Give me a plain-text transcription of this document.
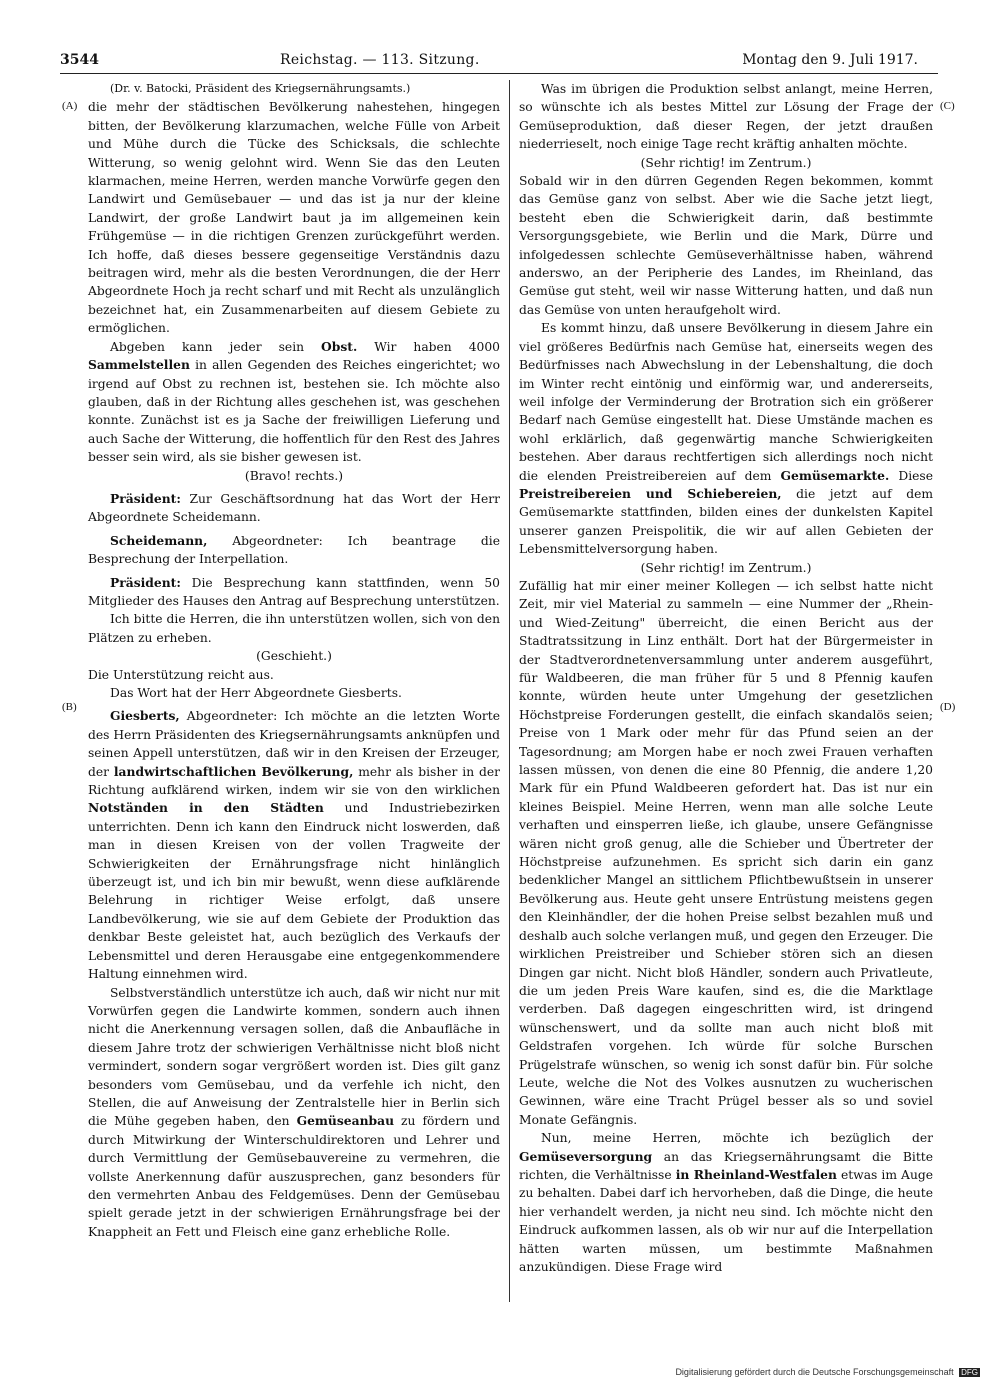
3544	Reichstag. — 113. Sitzung.	Montag den 9. Juli 1917.
(A)
(B)
(C)
(D)

(Dr. v. Batocki, Präsident des Kriegsernährungsamts.)

die mehr der städtischen Bevölkerung nahestehen, hingegen bitten, der Bevölkerung klarzumachen, welche Fülle von Arbeit und Mühe durch die Tücke des Schicksals, die schlechte Witterung, so wenig gelohnt wird. Wenn Sie das den Leuten klarmachen, meine Herren, werden manche Vorwürfe gegen den Landwirt und Gemüsebauer — und das ist ja nur der kleine Landwirt, der große Landwirt baut ja im allgemeinen kein Frühgemüse — in die richtigen Grenzen zurückgeführt werden. Ich hoffe, daß dieses bessere gegenseitige Verständnis dazu beitragen wird, mehr als die besten Verordnungen, die der Herr Abgeordnete Hoch ja recht scharf und mit Recht als unzulänglich bezeichnet hat, ein Zusammenarbeiten auf diesem Gebiete zu ermöglichen.

Abgeben kann jeder sein Obst. Wir haben 4000 Sammelstellen in allen Gegenden des Reiches eingerichtet; wo irgend auf Obst zu rechnen ist, bestehen sie. Ich möchte also glauben, daß in der Richtung alles geschehen ist, was geschehen konnte. Zunächst ist es ja Sache der freiwilligen Lieferung und auch Sache der Witterung, die hoffentlich für den Rest des Jahres besser sein wird, als sie bisher gewesen ist.

(Bravo! rechts.)

Präsident: Zur Geschäftsordnung hat das Wort der Herr Abgeordnete Scheidemann.

Scheidemann, Abgeordneter: Ich beantrage die Besprechung der Interpellation.

Präsident: Die Besprechung kann stattfinden, wenn 50 Mitglieder des Hauses den Antrag auf Besprechung unterstützen.

Ich bitte die Herren, die ihn unterstützen wollen, sich von den Plätzen zu erheben.

(Geschieht.)

Die Unterstützung reicht aus.

Das Wort hat der Herr Abgeordnete Giesberts.

Giesberts, Abgeordneter: Ich möchte an die letzten Worte des Herrn Präsidenten des Kriegsernährungsamts anknüpfen und seinen Appell unterstützen, daß wir in den Kreisen der Erzeuger, der landwirtschaftlichen Bevölkerung, mehr als bisher in der Richtung aufklärend wirken, indem wir sie von den wirklichen Notständen in den Städten und Industriebezirken unterrichten. Denn ich kann den Eindruck nicht loswerden, daß man in diesen Kreisen von der vollen Tragweite der Schwierigkeiten der Ernährungsfrage nicht hinlänglich überzeugt ist, und ich bin mir bewußt, wenn diese aufklärende Belehrung in richtiger Weise erfolgt, daß unsere Landbevölkerung, wie sie auf dem Gebiete der Produktion das denkbar Beste geleistet hat, auch bezüglich des Verkaufs der Lebensmittel und deren Herausgabe eine entgegenkommendere Haltung einnehmen wird.

Selbstverständlich unterstütze ich auch, daß wir nicht nur mit Vorwürfen gegen die Landwirte kommen, sondern auch ihnen nicht die Anerkennung versagen sollen, daß die Anbaufläche in diesem Jahre trotz der schwierigen Verhältnisse nicht bloß nicht vermindert, sondern sogar vergrößert worden ist. Dies gilt ganz besonders vom Gemüsebau, und da verfehle ich nicht, den Stellen, die auf Anweisung der Zentralstelle hier in Berlin sich die Mühe gegeben haben, den Gemüseanbau zu fördern und durch Mitwirkung der Winterschuldirektoren und Lehrer und durch Vermittlung der Gemüsebauvereine zu vermehren, die vollste Anerkennung dafür auszusprechen, ganz besonders für den vermehrten Anbau des Feldgemüses. Denn der Gemüsebau spielt gerade jetzt in der schwierigen Ernährungsfrage bei der Knappheit an Fett und Fleisch eine ganz erhebliche Rolle.

Was im übrigen die Produktion selbst anlangt, meine Herren, so wünschte ich als bestes Mittel zur Lösung der Frage der Gemüseproduktion, daß dieser Regen, der jetzt draußen niederrieselt, noch einige Tage recht kräftig anhalten möchte.

(Sehr richtig! im Zentrum.)

Sobald wir in den dürren Gegenden Regen bekommen, kommt das Gemüse ganz von selbst. Aber wie die Sache jetzt liegt, besteht eben die Schwierigkeit darin, daß bestimmte Versorgungsgebiete, wie Berlin und die Mark, Dürre und infolgedessen schlechte Gemüseverhältnisse haben, während anderswo, an der Peripherie des Landes, im Rheinland, das Gemüse gut steht, weil wir nasse Witterung hatten, und daß nun das Gemüse von unten heraufgeholt wird.

Es kommt hinzu, daß unsere Bevölkerung in diesem Jahre ein viel größeres Bedürfnis nach Gemüse hat, einerseits wegen des Bedürfnisses nach Abwechslung in der Lebenshaltung, die doch im Winter recht eintönig und einförmig war, und andererseits, weil infolge der Verminderung der Brotration sich ein größerer Bedarf nach Gemüse eingestellt hat. Diese Umstände machen es wohl erklärlich, daß gegenwärtig manche Schwierigkeiten bestehen. Aber daraus rechtfertigen sich allerdings noch nicht die elenden Preistreibereien auf dem Gemüsemarkte. Diese Preistreibereien und Schiebereien, die jetzt auf dem Gemüsemarkte stattfinden, bilden eines der dunkelsten Kapitel unserer ganzen Preispolitik, die wir auf allen Gebieten der Lebensmittelversorgung haben.

(Sehr richtig! im Zentrum.)

Zufällig hat mir einer meiner Kollegen — ich selbst hatte nicht Zeit, mir viel Material zu sammeln — eine Nummer der „Rhein- und Wied-Zeitung" überreicht, die einen Bericht aus der Stadtratssitzung in Linz enthält. Dort hat der Bürgermeister in der Stadtverordnetenversammlung unter anderem ausgeführt, für Waldbeeren, die man früher für 5 und 8 Pfennig kaufen konnte, würden heute unter Umgehung der gesetzlichen Höchstpreise Forderungen gestellt, die einfach skandalös seien; Preise von 1 Mark oder mehr für das Pfund seien an der Tagesordnung; am Morgen habe er noch zwei Frauen verhaften lassen müssen, von denen die eine 80 Pfennig, die andere 1,20 Mark für ein Pfund Waldbeeren gefordert hat. Das ist nur ein kleines Beispiel. Meine Herren, wenn man alle solche Leute verhaften und einsperren ließe, ich glaube, unsere Gefängnisse wären nicht groß genug, alle die Schieber und Übertreter der Höchstpreise aufzunehmen. Es spricht sich darin ein ganz bedenklicher Mangel an sittlichem Pflichtbewußtsein in unserer Bevölkerung aus. Heute geht unsere Entrüstung meistens gegen den Kleinhändler, der die hohen Preise selbst bezahlen muß und deshalb auch solche verlangen muß, und gegen den Erzeuger. Die wirklichen Preistreiber und Schieber stören sich an diesen Dingen gar nicht. Nicht bloß Händler, sondern auch Privatleute, die um jeden Preis Ware kaufen, sind es, die die Marktlage verderben. Daß dagegen eingeschritten wird, ist dringend wünschenswert, und da sollte man auch nicht bloß mit Geldstrafen vorgehen. Ich würde für solche Burschen Prügelstrafe wünschen, so wenig ich sonst dafür bin. Für solche Leute, welche die Not des Volkes ausnutzen zu wucherischen Gewinnen, wäre eine Tracht Prügel besser als so und soviel Monate Gefängnis.

Nun, meine Herren, möchte ich bezüglich der Gemüseversorgung an das Kriegsernährungsamt die Bitte richten, die Verhältnisse in Rheinland-Westfalen etwas im Auge zu behalten. Dabei darf ich hervorheben, daß die Dinge, die heute hier verhandelt werden, ja nicht neu sind. Ich möchte nicht den Eindruck aufkommen lassen, als ob wir nur auf die Interpellation hätten warten müssen, um bestimmte Maßnahmen anzukündigen. Diese Frage wird

Digitalisierung gefördert durch die Deutsche Forschungsgemeinschaft DFG
